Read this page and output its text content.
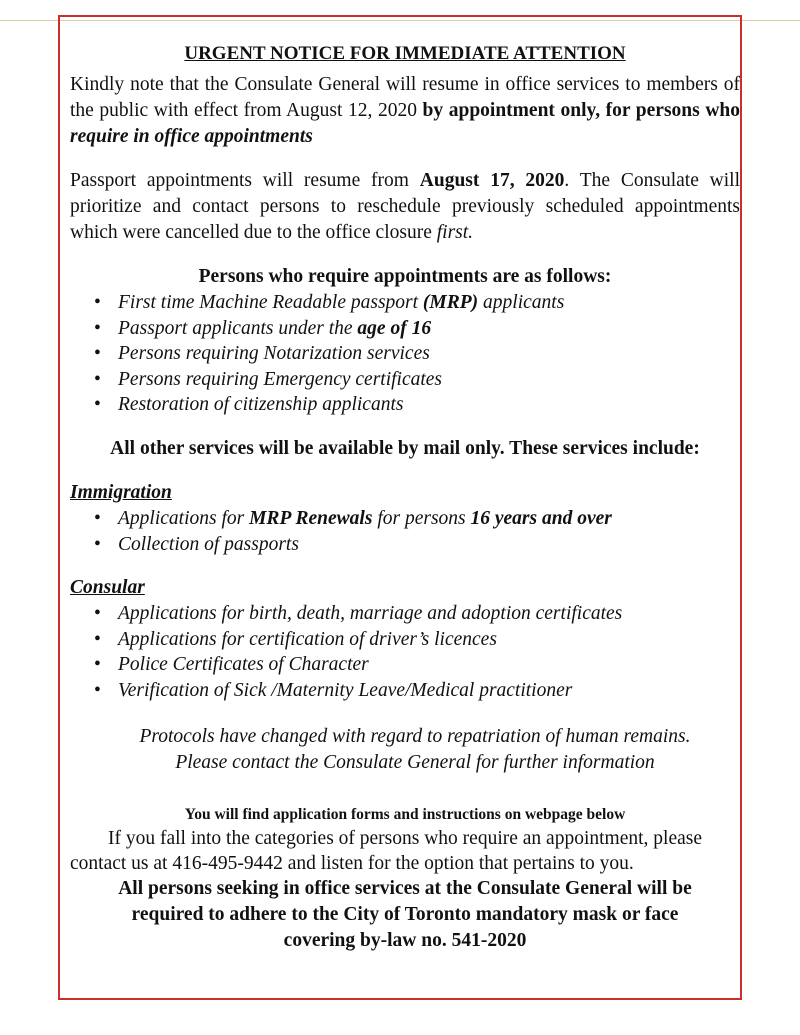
URGENT NOTICE FOR IMMEDIATE ATTENTION

Kindly note that the Consulate General will resume in office services to members of the public with effect from August 12, 2020 by appointment only, for persons who require in office appointments

Passport appointments will resume from August 17, 2020. The Consulate will prioritize and contact persons to reschedule previously scheduled appointments which were cancelled due to the office closure first.

Persons who require appointments are as follows:
• First time Machine Readable passport (MRP) applicants
• Passport applicants under the age of 16
• Persons requiring Notarization services
• Persons requiring Emergency certificates
• Restoration of citizenship applicants
All other services will be available by mail only. These services include:
Immigration
• Applications for MRP Renewals for persons 16 years and over
• Collection of passports
Consular
• Applications for birth, death, marriage and adoption certificates
• Applications for certification of driver’s licences
• Police Certificates of Character
• Verification of Sick /Maternity Leave/Medical practitioner
Protocols have changed with regard to repatriation of human remains.
Please contact the Consulate General for further information
You will find application forms and instructions on webpage below

If you fall into the categories of persons who require an appointment, please
contact us at 416-495-9442 and listen for the option that pertains to you.

All persons seeking in office services at the Consulate General will be
required to adhere to the City of Toronto mandatory mask or face
covering by-law no. 541-2020
